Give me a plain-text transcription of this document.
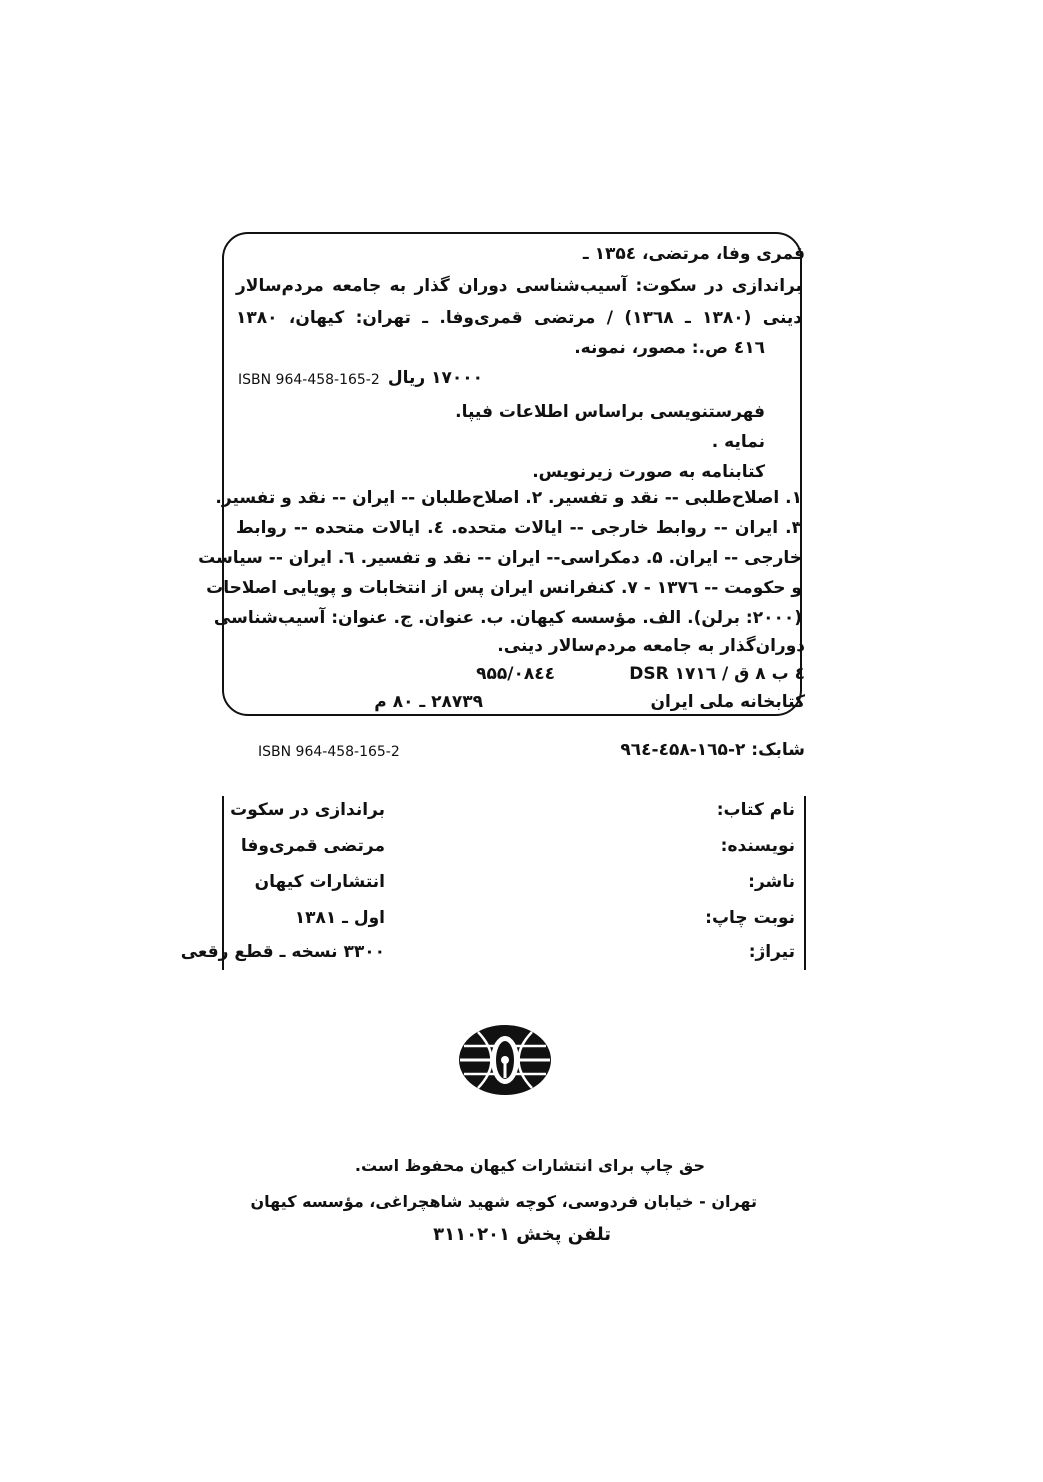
قمری وفا، مرتضی، ۱۳۵٤ ـ
براندازی در سکوت: آسیب‌شناسی دوران گذار به جامعه مردم‌سالار
دینی (۱۳۸۰ ـ ۱۳٦۸) / مرتضی قمری‌وفا. ـ تهران: کیهان، ۱۳۸۰
٤۱٦ ص.: مصور، نمونه.
۱۷۰۰۰ ریال
ISBN 964-458-165-2
فهرستنویسی براساس اطلاعات فیپا.
نمایه .
کتابنامه به صورت زیرنویس.
۱. اصلاح‌طلبی -- نقد و تفسیر. ۲. اصلاح‌طلبان -- ایران -- نقد و تفسیر.
۳. ایران -- روابط خارجی -- ایالات متحده. ٤. ایالات متحده -- روابط
خارجی -- ایران. ۵. دمکراسی-- ایران -- نقد و تفسیر. ٦. ایران -- سیاست
و حکومت -- ۱۳۷٦ - ۷. کنفرانس ایران پس از انتخابات و پویایی اصلاحات
(۲۰۰۰: برلن). الف. مؤسسه کیهان. ب. عنوان. ج. عنوان: آسیب‌شناسی
دوران‌گذار به جامعه مردم‌سالار دینی.
٤ ب ۸ ق / ۱۷۱٦ DSR
۹۵۵/۰۸٤٤
کتابخانه ملی ایران
۲۸۷۳۹ ـ ۸۰ م
شابک: ۲-۱٦۵-٤۵۸-۹٦٤
ISBN 964-458-165-2
نام کتاب:
براندازی در سکوت
نویسنده:
مرتضی قمری‌وفا
ناشر:
انتشارات کیهان
نوبت چاپ:
اول ـ ۱۳۸۱
تیراژ:
۳۳۰۰ نسخه ـ قطع رقعی
حق چاپ برای انتشارات کیهان محفوظ است.
تهران - خیابان فردوسی، کوچه شهید شاهچراغی، مؤسسه کیهان
تلفن پخش ۳۱۱۰۲۰۱
